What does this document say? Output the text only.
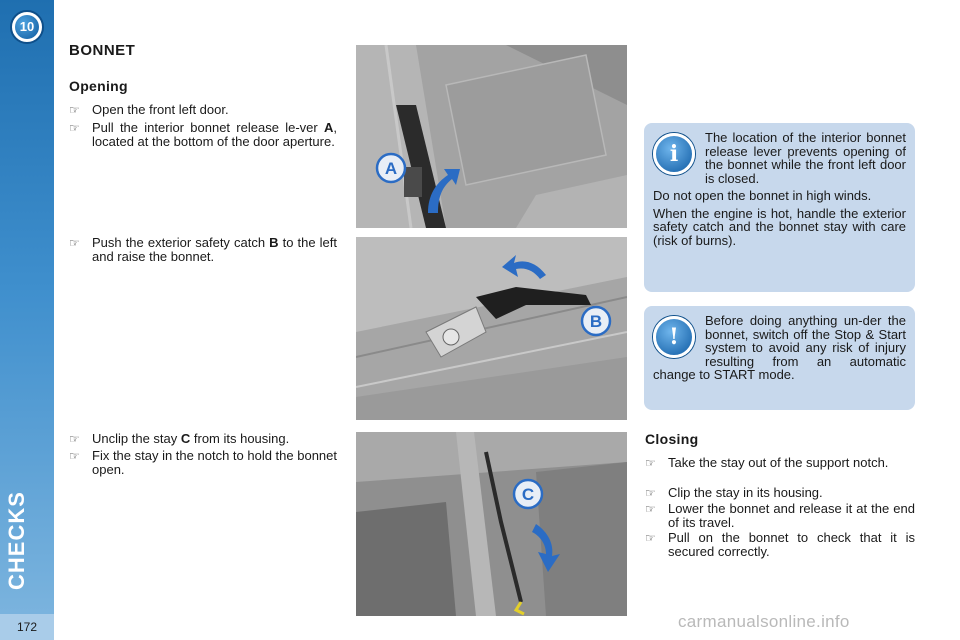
10
CHECKS
172
BONNET
Opening
☞ Open the front left door.
☞ Pull the interior bonnet release le-ver A, located at the bottom of the door aperture.
☞ Push the exterior safety catch B to the left and raise the bonnet.
☞ Unclip the stay C from its housing.
☞ Fix the stay in the notch to hold the bonnet open.
A
B
C
i

The location of the interior bonnet release lever prevents opening of the bonnet while the front left door is closed.

Do not open the bonnet in high winds.

When the engine is hot, handle the exterior safety catch and the bonnet stay with care (risk of burns).

!

Before doing anything un-der the bonnet, switch off the Stop & Start system to avoid any risk of injury resulting from an automatic change to START mode.

Closing
☞ Take the stay out of the support notch.
☞ Clip the stay in its housing.
☞ Lower the bonnet and release it at the end of its travel.
☞ Pull on the bonnet to check that it is secured correctly.
carmanualsonline.info
